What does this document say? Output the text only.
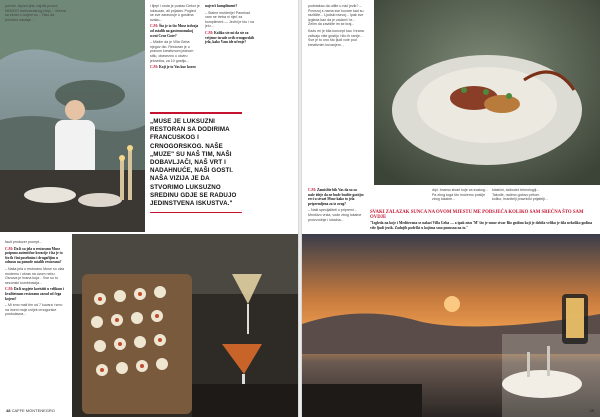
povrće. Ispred jela, najviši prozor, MNOGO tradicionalnog uklju... Večera sa vinom u kojem su... Tako da prirodno nastaje...

i lijepi i onda je postao Dekor je luksuzan, ali prijatan. Pogled se sve zaravnuje u gostima svaku...

C.M: Šta je to što Muse izdvaja od ostalih na gastronomskoj sceni Crne Gore?

– Mislim da je Villa Geba njegov dio. Restoran je u pravom kreativnom jednom stilu, obavezno u okviru jelovnika, za 10 gostiju...

C.M: Koji je to Vas kuc korzo

najveći kompliment?

– Stalne mušterije! Panekad vam ne treba ni riječ za kompliment — Jedni je bio i na jelu…

C.M: Koliko ste mi da ste za vrijeme izrade ovih crnogorskih jela, kako Vam ide učenje?

„MUSE JE LUKSUZNI RESTORAN SA DODIRIMA FRANCUSKOG I CRNOGORSKOG. NAŠE „MUZE" SU NAŠ TIM, NAŠI DOBAVLJAČI, NAŠ VRT I NADAHNUĆE, NAŠI GOSTI. NAŠA VIZIJA JE DA STVORIMO LUKSUZNO SREDINU GDJE SE RADUJO JEDINSTVENA ISKUSTVA."

fault producer prompt...

C.M: Da li su jela u restoranu Muse potpuno autentične kreacije i šta je to što ih čini posebnim i drugačijim u odnosu na ponude ostalih restorana?

– Naša jela u restoranu Muse su ulaz modernu i ukras na ovom nebu. Osnova je hrana koja... Sve su to sezonski kombinacija...

C.M: Da li uspjete koristiti u velikom i kvalitetnom restoranu zarad od čega kojem?

– Mi smo mali tim od 7 kuvara i smo na imeni moje uvijek crnogorske poslodavca...

48 CAFFE MONTENEGRO

podstakao da uđite u nač jezik? – Povezuj s nama sve kuvare kad su različite... Ljudski razvoj... Ipak sve izgleda kao da je zadani i te... Želim da zavidite im se kraj...

Kažu mi je bila koncept kao i hrana zalivaju više gostiju i što ih ranije... Sve je to ono što ljudi vole pod kreativnim kuvanjem...

C.M: Zamislite bih Vas da su za naše ideje da ne bude budite gostiju: reci u stvari Muse kako to jela pripremljena za iz ovog?

– Naši specijaliteti u pripremi... Mnoštvo vrsta, vode zbog lokalne proizvodnje i lokalna...

dipl. Imamo stvari koje za svakog... Pa zbog toga što možemo poslije zbog lokalne...

klasični, slobodni tehnologiji... Takođe, radimo gotovo pritom koliko, hranitelji pravnički prijatelji...

SVAKI ZALAZAK SUNCA NA OVOM MJESTU ME PODSJEĆA KOLIKO SAM SREĆNA ŠTO SAM OVDJE
"Izgleda na koje i Mediterana se nalazi Villa Geba — a ipak nisu 'M' što je muse stvar Bio godinu koji je dobila veliku je žila nekoliko godina više ljudi jezik. Zadnjih podrški u kojima smo ponosna na to."
49
